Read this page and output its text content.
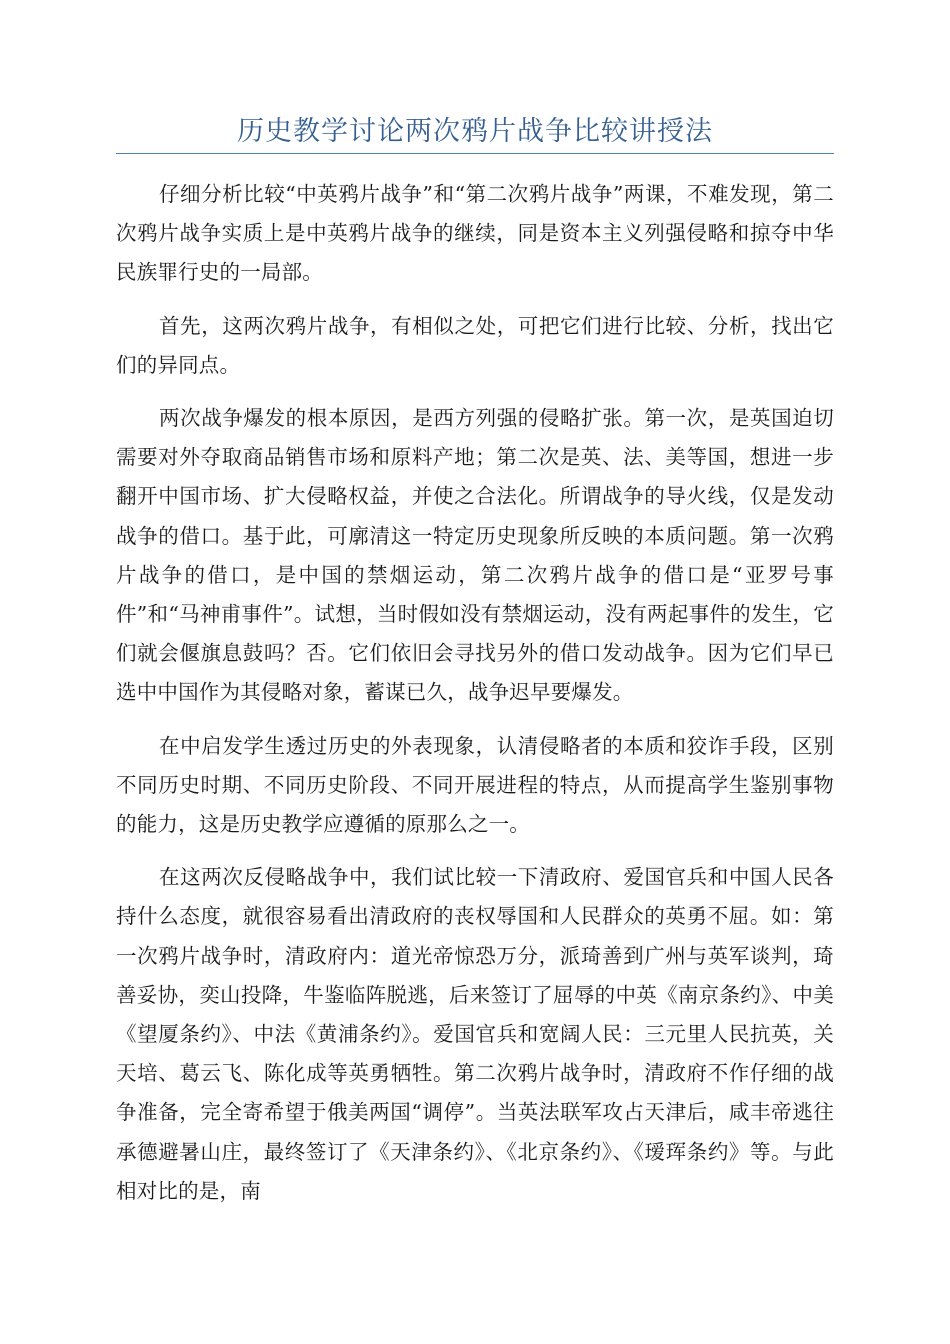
历史教学讨论两次鸦片战争比较讲授法

仔细分析比较“中英鸦片战争”和“第二次鸦片战争”两课，不难发现，第二次鸦片战争实质上是中英鸦片战争的继续，同是资本主义列强侵略和掠夺中华民族罪行史的一局部。

首先，这两次鸦片战争，有相似之处，可把它们进行比较、分析，找出它们的异同点。

两次战争爆发的根本原因，是西方列强的侵略扩张。第一次，是英国迫切需要对外夺取商品销售市场和原料产地；第二次是英、法、美等国，想进一步翻开中国市场、扩大侵略权益，并使之合法化。所谓战争的导火线，仅是发动战争的借口。基于此，可廓清这一特定历史现象所反映的本质问题。第一次鸦片战争的借口，是中国的禁烟运动，第二次鸦片战争的借口是“亚罗号事件”和“马神甫事件”。试想，当时假如没有禁烟运动，没有两起事件的发生，它们就会偃旗息鼓吗？否。它们依旧会寻找另外的借口发动战争。因为它们早已选中中国作为其侵略对象，蓄谋已久，战争迟早要爆发。

在中启发学生透过历史的外表现象，认清侵略者的本质和狡诈手段，区别不同历史时期、不同历史阶段、不同开展进程的特点，从而提高学生鉴别事物的能力，这是历史教学应遵循的原那么之一。

在这两次反侵略战争中，我们试比较一下清政府、爱国官兵和中国人民各持什么态度，就很容易看出清政府的丧权辱国和人民群众的英勇不屈。如：第一次鸦片战争时，清政府内：道光帝惊恐万分，派琦善到广州与英军谈判，琦善妥协，奕山投降，牛鉴临阵脱逃，后来签订了屈辱的中英《南京条约》、中美《望厦条约》、中法《黄浦条约》。爱国官兵和宽阔人民：三元里人民抗英，关天培、葛云飞、陈化成等英勇牺牲。第二次鸦片战争时，清政府不作仔细的战争准备，完全寄希望于俄美两国“调停”。当英法联军攻占天津后，咸丰帝逃往承德避暑山庄，最终签订了《天津条约》、《北京条约》、《瑷珲条约》等。与此相对比的是，南
